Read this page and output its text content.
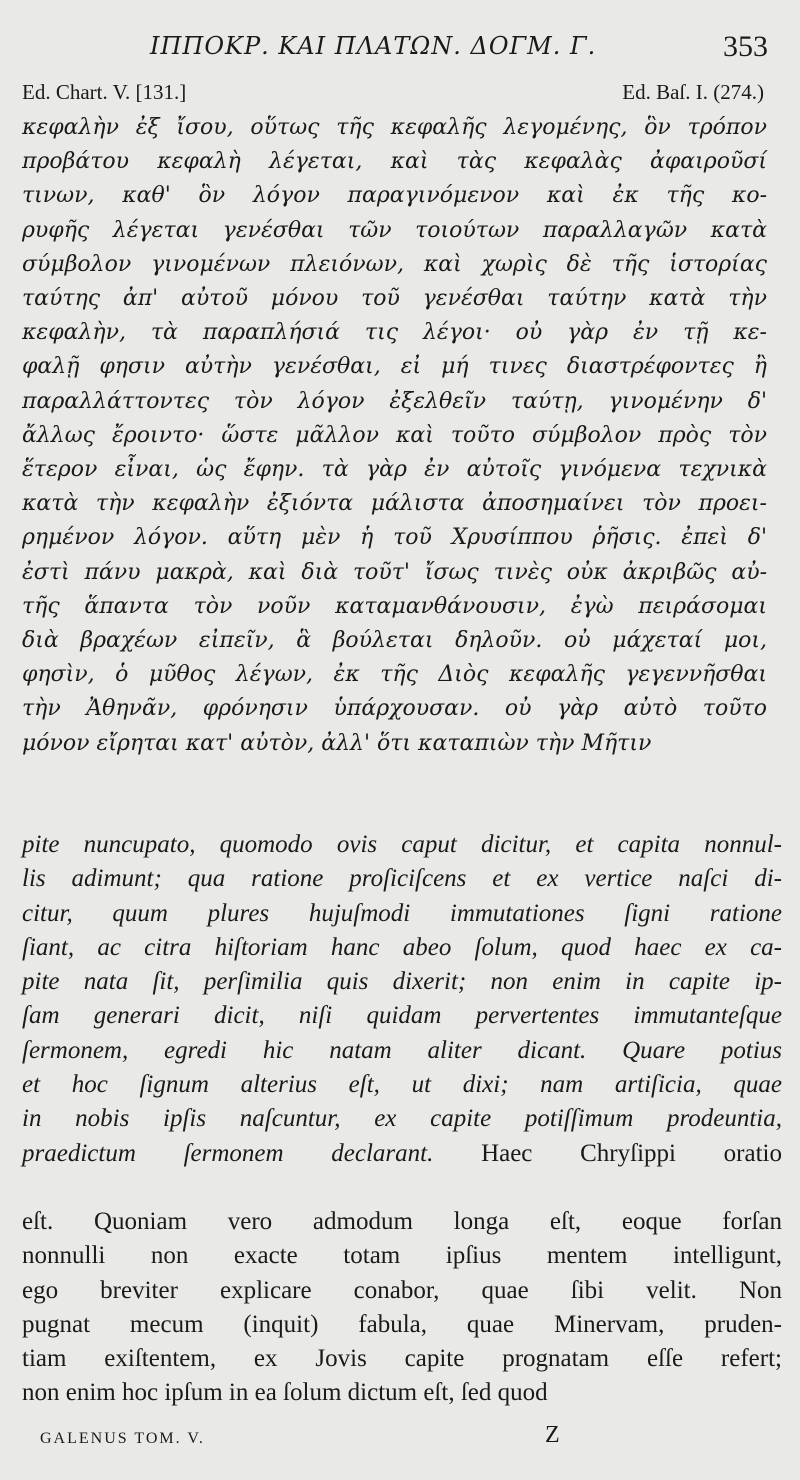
ΙΠΠΟΚΡ. ΚΑΙ ΠΛΑΤΩΝ. ΔΟΓΜ. Γ.	353
Ed. Chart. V. [131.]	Ed. Baſ. I. (274.)
κεφαλὴν ἐξ ἴσου, οὕτως τῆς κεφαλῆς λεγομένης, ὃν τρόπον
προβάτου κεφαλὴ λέγεται, καὶ τὰς κεφαλὰς ἀφαιροῦσί
τινων, καθ' ὃν λόγον παραγινόμενον καὶ ἐκ τῆς κο-
ρυφῆς λέγεται γενέσθαι τῶν τοιούτων παραλλαγῶν κατὰ
σύμβολον γινομένων πλειόνων, καὶ χωρὶς δὲ τῆς ἱστορίας
ταύτης ἀπ' αὐτοῦ μόνου τοῦ γενέσθαι ταύτην κατὰ τὴν
κεφαλὴν, τὰ παραπλήσιά τις λέγοι· οὐ γὰρ ἐν τῇ κε-
φαλῇ φησιν αὐτὴν γενέσθαι, εἰ μή τινες διαστρέφοντες ἢ
παραλλάττοντες τὸν λόγον ἐξελθεῖν ταύτῃ, γινομένην δ'
ἄλλως ἔροιντο· ὥστε μᾶλλον καὶ τοῦτο σύμβολον πρὸς τὸν
ἕτερον εἶναι, ὡς ἔφην. τὰ γὰρ ἐν αὐτοῖς γινόμενα τεχνικὰ
κατὰ τὴν κεφαλὴν ἐξιόντα μάλιστα ἀποσημαίνει τὸν προει-
ρημένον λόγον. αὕτη μὲν ἡ τοῦ Χρυσίππου ῥῆσις. ἐπεὶ δ'
ἐστὶ πάνυ μακρὰ, καὶ διὰ τοῦτ' ἴσως τινὲς οὐκ ἀκριβῶς αὐ-
τῆς ἅπαντα τὸν νοῦν καταμανθάνουσιν, ἐγὼ πειράσομαι
διὰ βραχέων εἰπεῖν, ἃ βούλεται δηλοῦν. οὐ μάχεταί μοι,
φησὶν, ὁ μῦθος λέγων, ἐκ τῆς Διὸς κεφαλῆς γεγεννῆσθαι
τὴν Ἀθηνᾶν, φρόνησιν ὑπάρχουσαν. οὐ γὰρ αὐτὸ τοῦτο
μόνον εἴρηται κατ' αὐτὸν, ἀλλ' ὅτι καταπιὼν τὴν Μῆτιν
pite nuncupato, quomodo ovis caput dicitur, et capita nonnul-
lis adimunt; qua ratione proſiciſcens et ex vertice naſci di-
citur, quum plures hujuſmodi immutationes ſigni ratione
ſiant, ac citra hiſtoriam hanc abeo ſolum, quod haec ex ca-
pite nata ſit, perſimilia quis dixerit; non enim in capite ip-
ſam generari dicit, niſi quidam pervertentes immutanteſque
ſermonem, egredi hic natam aliter dicant. Quare potius
et hoc ſignum alterius eſt, ut dixi; nam artiſicia, quae
in nobis ipſis naſcuntur, ex capite potiſſimum prodeuntia,
praedictum ſermonem declarant. Haec Chryſippi oratio
eſt. Quoniam vero admodum longa eſt, eoque forſan
nonnulli non exacte totam ipſius mentem intelligunt,
ego breviter explicare conabor, quae ſibi velit. Non
pugnat mecum (inquit) fabula, quae Minervam, pruden-
tiam exiſtentem, ex Jovis capite prognatam eſſe refert;
non enim hoc ipſum in ea ſolum dictum eſt, ſed quod
GALENUS TOM. V.	Z
